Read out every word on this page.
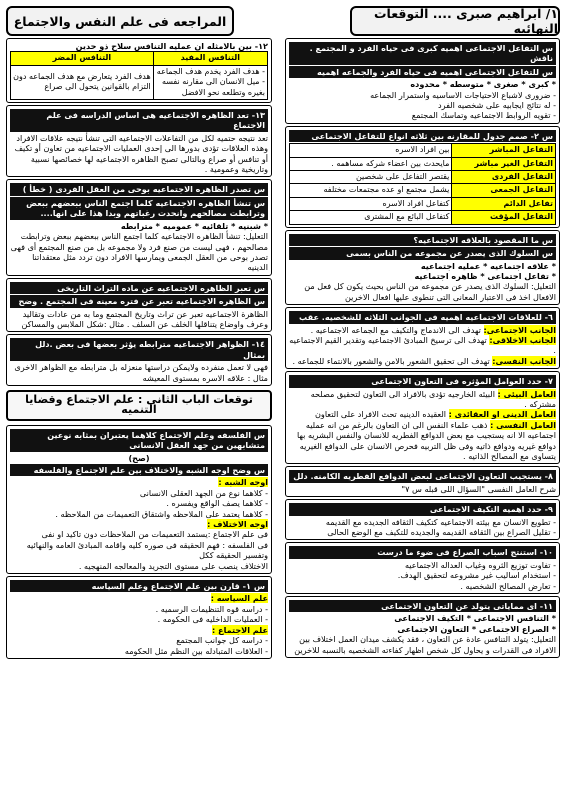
١/ ابراهيم صبرى .... التوقعات النهائيه
المراجعه فى علم النفس والاجتماع
س التفاعل الاجتماعى اهميه كبرى فى حياه الفرد و المجتمع . ناقش
س للتفاعل الاجتماعى اهميه فى حياه الفرد والجماعه اهميه
* كبرى * صغرى * متوسطه * محدوده
- ضرورى لاشباع الاحتياجات الاساسيه واستمرار الجماعه
- له نتائج ايجابيه على شخصيه الفرد
- تقويه الروابط الاجتماعيه وتماسك المجتمع
س ٢- صمم جدول للمقارنه بين ثلاثه انواع للتفاعل الاجتماعى
التفاعل المباشر	بين افراد الاسره
التفاعل الغير مباشر	مايحدث بين اعضاء شركه مساهمه .
التفاعل الفردى	يقتصر التفاعل على شخصين
التفاعل الجمعى	يشمل مجتمع او عده مجتمعات مختلفه
تفاعل الدائم	كتفاعل افراد الاسره
التفاعل المؤقت	كتفاعل البائع مع المشترى
س ما المقصود بالعلاقه الاجتماعيه؟
س السلوك الذى يصدر عن مجموعه من الناس بسمى
* علاقه اجتماعيه * عمليه اجتماعيه
* تفاعل اجتماعى * ظاهره اجتماعيه
التعليل: السلوك الذى يصدر عن مجموعه من الناس بحيث يكون كل فعل من الافعال اخذ فى الاعتبار المعانى التى تنطوى عليها افعال الاخرين
٦- للعلاقات الاجتماعيه اهميه فى الجوانب الثلاثه للشخصيه. عقب
الجانب الاجتماعى: تهدف الى الاندماج والتكيف مع الجماعه الاجتماعيه .
الجانب الاخلاقى: تهدف الى ترسيخ المبادئ الاجتماعيه وتقدير القيم الاجتماعيه .
الجانب النفسى: تهدف الى تحقيق الشعور بالامن والشعور بالانتماء للجماعه .
٧- حدد العوامل المؤثره فى التعاون الاجتماعى
العامل البيئى : البيئه الخارجيه تؤدى بالافراد الى التعاون لتحقيق مصلحه مشتركه .
العامل الدينى او العقائدى : العقيده الدينيه تحث الافراد على التعاون
العامل النفسى : ذهب علماء النفس الى ان التعاون بالرغم من انه عمليه اجتماعيه الا انه يستجيب مع بعض الدوافع الفطريه للانسان والنفس البشريه بها دوافع غيريه ودوافع ذاتيه وفى ظل التربيه فحرص الانسان على الدوافع الغيريه يتساوى مع المصالح الذاتيه .
٨- يستجيب التعاون الاجتماعى لبعض الدوافع الفطريه الكامنه. دلل
شرح العامل النفسى "السؤال اللى قبله س ٧"
٩- حدد اهميه التكيف الاجتماعى
- تطويع الانسان مع بيئته الاجتماعيه كتكيف الثقافه الجديده مع القديمه
- تقليل الصراع بين الثقافه القديمه والجديده للتكيف مع الوضع الحالى
١٠- استنتج اسباب الصراع فى ضوء ما درست
- تفاوت توزيع الثروه وغياب العداله الاجتماعيه
- استخدام اساليب غير مشروعه لتحقيق الهدف.
- تعارض المصالح الشخصيه .
١١- اى مماياتى يتولد عن التعاون الاجتماعى
* التنافس الاجتماعى * التكيف الاجتماعى
* الصراع الاجتماعى * التعاون الاجتماعى
التعليل: يتولد التنافس عادة عن التعاون ، فقد يكشف ميدان العمل اختلاف بين الافراد فى القدرات و يحاول كل شخص اظهار كفاءته الشخصيه بالنسبه للاخرين
١٢- بين بالامثله ان عمليه التنافس سلاح ذو حدين
التنافس المفيد	التنافس المضر
- هدف الفرد يخدم هدف الجماعه
- ميل الانسان الى مقارنه نفسه بغيره وتطلعه نحو الافضل	هدف الفرد يتعارض مع هدف الجماعه دون التزام بالقوانين يتحول الى صراع
١٣- تعد الظاهره الاجتماعيه هى اساس الدراسه فى علم الاجتماع
تعد نتيجه حتميه لكل من التفاعلات الاجتماعيه التى تنشأ نتيجه علاقات الافراد وهذه العلاقات تؤدى بدورها الى إحدى العمليات الاجتماعيه من تعاون أو تكيف أو تنافس أو صراع وبالتالى تصبح الظاهره الاجتماعيه لها خصائصها نسبية وتاريخية وعمومية .
س تصدر الظاهره الاجتماعيه بوحى من العقل الفردى ( خطأ )
س تنشأ الظاهره الاجتماعيه كلما اجتمع الناس ببعضهم ببعض وترابطت مصالحهم وانحدت رغباتهم وبدا هذا على انها....
* شبنيه * تلقائيه * عموميه * مترابطه
التعليل: تنشأ الظاهره الاجتماعيه كلما اجتمع الناس ببعضهم ببعض وترابطت مصالحهم ، فهى ليست من صنع فرد ولا مجموعه بل من صنع المجتمع أى فهى تصدر بوحى من العقل الجمعى ويمارسها الافراد دون تردد مثل معتقداتنا الدينيه
س تعبر الظاهره الاجتماعيه عن ماده التراث التاريخى
س الظاهره الاجتماعيه تعبر عن فتره معينه فى المجتمع . وضح
الظاهرة الاجتماعيه تعبر عن تراث وتاريخ المجتمع وما به من عادات وتقاليد وعرف واوضاع يتناقلها الخلف عن السلف . مثال :شكل الملابس والمساكن
١٤- الظواهر الاجتماعيه مترابطه يؤثر بعضها فى بعض .دلل بمثال
فهى لا تعمل منفرده ولايمكن دراستها منعزله بل مترابطه مع الظواهر الاخرى مثال : علاقه الاسره بمستوى المعيشه
توقعات الباب الثانى : علم الاجتماع وقضايا التنميه
س الفلسفه وعلم الاجتماع كلاهما يعتبران بمثابه نوعين متشابهين من جهد العقل الانسانى
(صح)
س وضح اوجه الشبه والاختلاف بين علم الاجتماع والفلسفه
اوجه الشبه :
- كلاهما نوع من الجهد العقلى الانسانى
- كلاهما يصف الواقع ويفسره .
- كلاهما يعتمد على الملاحظه واشتقاق التعميمات من الملاحظه .
اوجه الاختلاف :
فى علم الاجتماع :يستمد التعميمات من الملاحظات دون تاكيد او نفى
فى الفلسفه : فهم الحقيقه فى صوره كليه واقامه المبادئ العامه والنهائيه وتفسير الحقيقه ككل
الاختلاف ينصب على مستوى التجريد والمعالجه المنهجيه .
س ١- قارن بين علم الاجتماع وعلم السياسه
علم السياسه :
- دراسه قوه التنظيمات الرسميه .
- العمليات الداخليه فى الحكومه .
علم الاجتماع :
- دراسه كل جوانب المجتمع
- العلاقات المتبادله بين النظم مثل الحكومه
